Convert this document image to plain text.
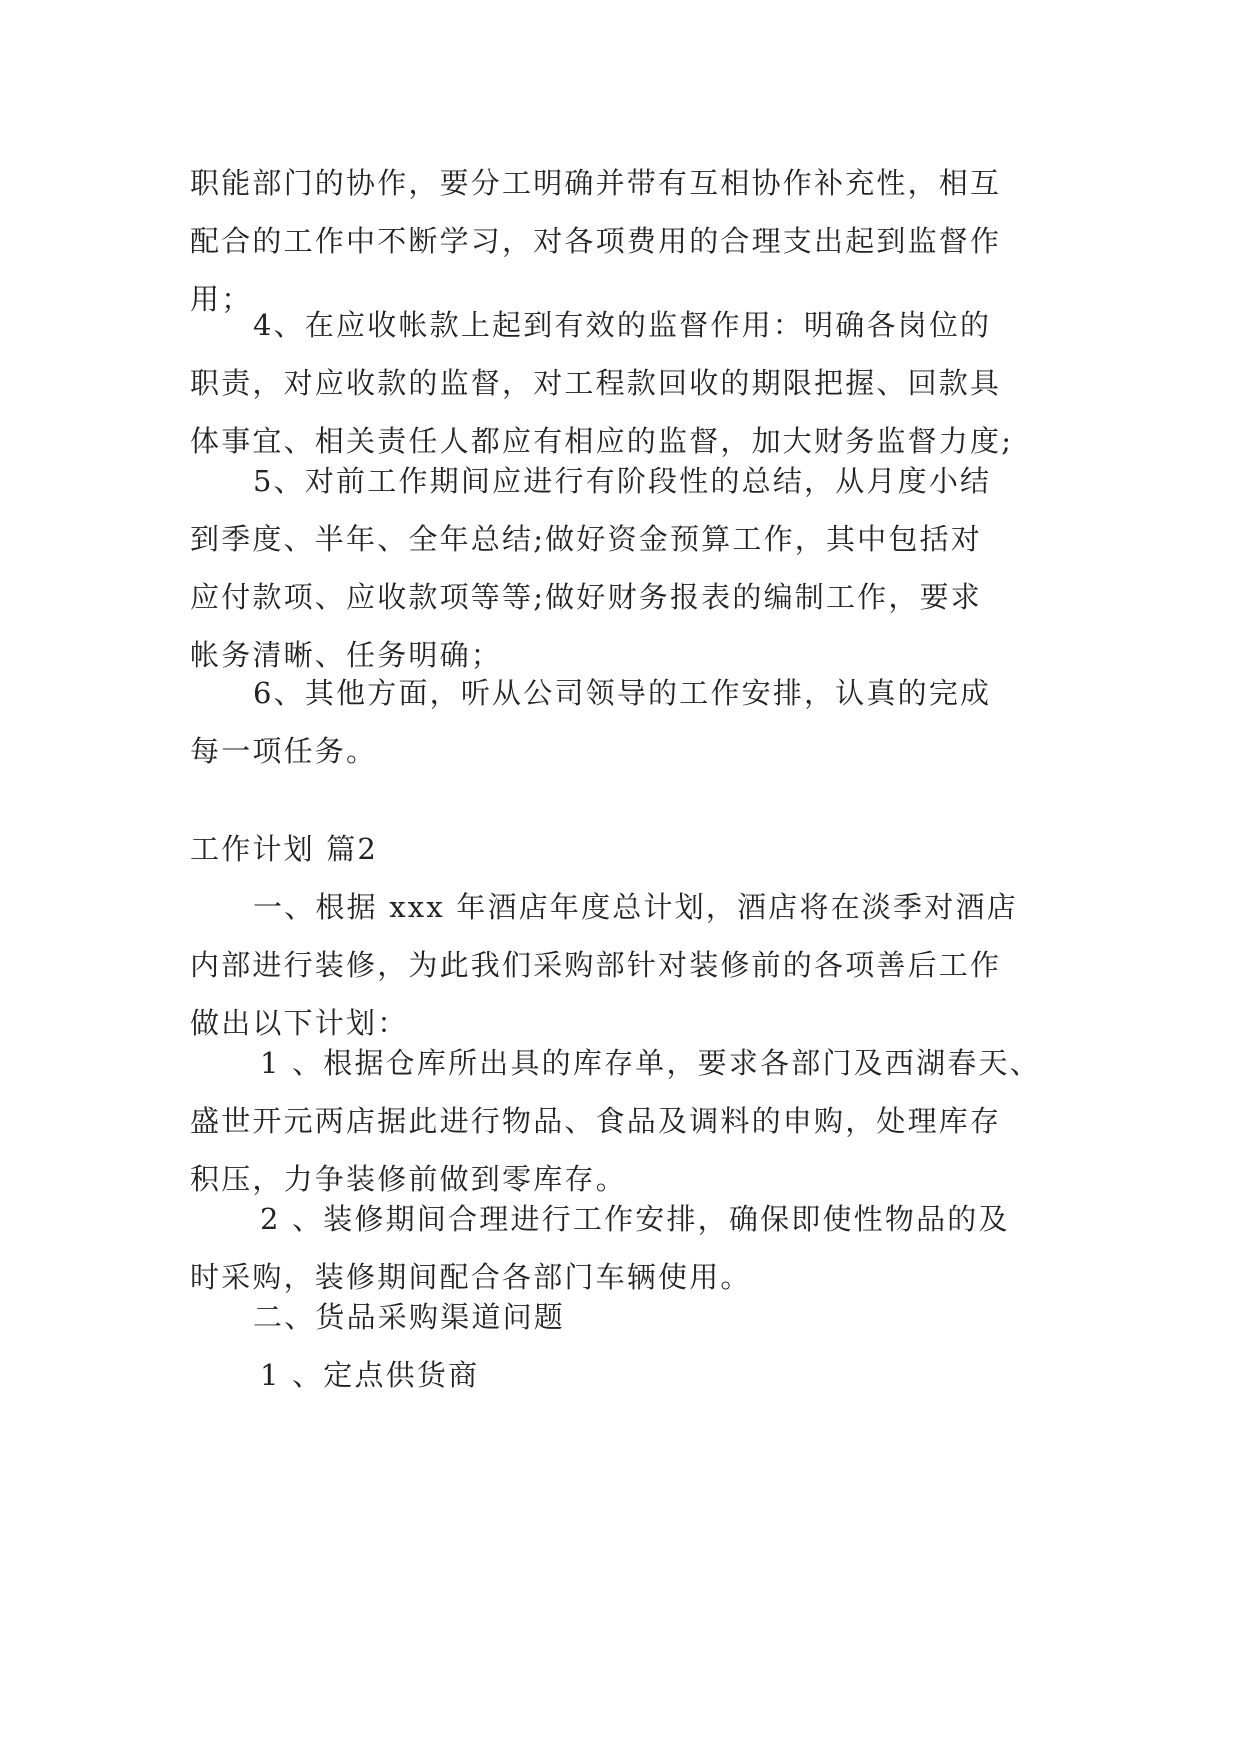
职能部门的协作，要分工明确并带有互相协作补充性，相互
配合的工作中不断学习，对各项费用的合理支出起到监督作
用；
4、在应收帐款上起到有效的监督作用：明确各岗位的
职责，对应收款的监督，对工程款回收的期限把握、回款具
体事宜、相关责任人都应有相应的监督，加大财务监督力度;
5、对前工作期间应进行有阶段性的总结，从月度小结
到季度、半年、全年总结;做好资金预算工作，其中包括对
应付款项、应收款项等等;做好财务报表的编制工作，要求
帐务清晰、任务明确；
6、其他方面，听从公司领导的工作安排，认真的完成
每一项任务。
工作计划 篇2
一、根据 xxx 年酒店年度总计划，酒店将在淡季对酒店
内部进行装修，为此我们采购部针对装修前的各项善后工作
做出以下计划：
1 、根据仓库所出具的库存单，要求各部门及西湖春天、
盛世开元两店据此进行物品、食品及调料的申购，处理库存
积压，力争装修前做到零库存。
2 、装修期间合理进行工作安排，确保即使性物品的及
时采购，装修期间配合各部门车辆使用。
二、货品采购渠道问题
1 、定点供货商
